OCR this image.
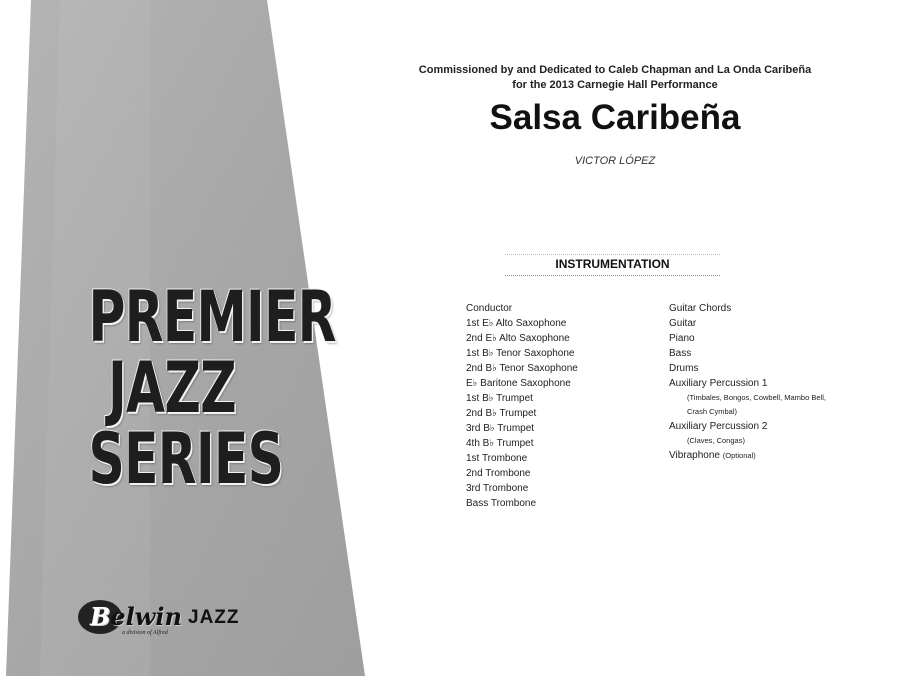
PREMIER
JAZZ
SERIES
Belwin JAZZ
a division of Alfred
Commissioned by and Dedicated to Caleb Chapman and La Onda Caribeña
for the 2013 Carnegie Hall Performance
Salsa Caribeña
VICTOR LÓPEZ
INSTRUMENTATION
Conductor
1st E♭ Alto Saxophone
2nd E♭ Alto Saxophone
1st B♭ Tenor Saxophone
2nd B♭ Tenor Saxophone
E♭ Baritone Saxophone
1st B♭ Trumpet
2nd B♭ Trumpet
3rd B♭ Trumpet
4th B♭ Trumpet
1st Trombone
2nd Trombone
3rd Trombone
Bass Trombone
Guitar Chords
Guitar
Piano
Bass
Drums
Auxiliary Percussion 1
(Timbales, Bongos, Cowbell, Mambo Bell,
Crash Cymbal)
Auxiliary Percussion 2
(Claves, Congas)
Vibraphone (Optional)
